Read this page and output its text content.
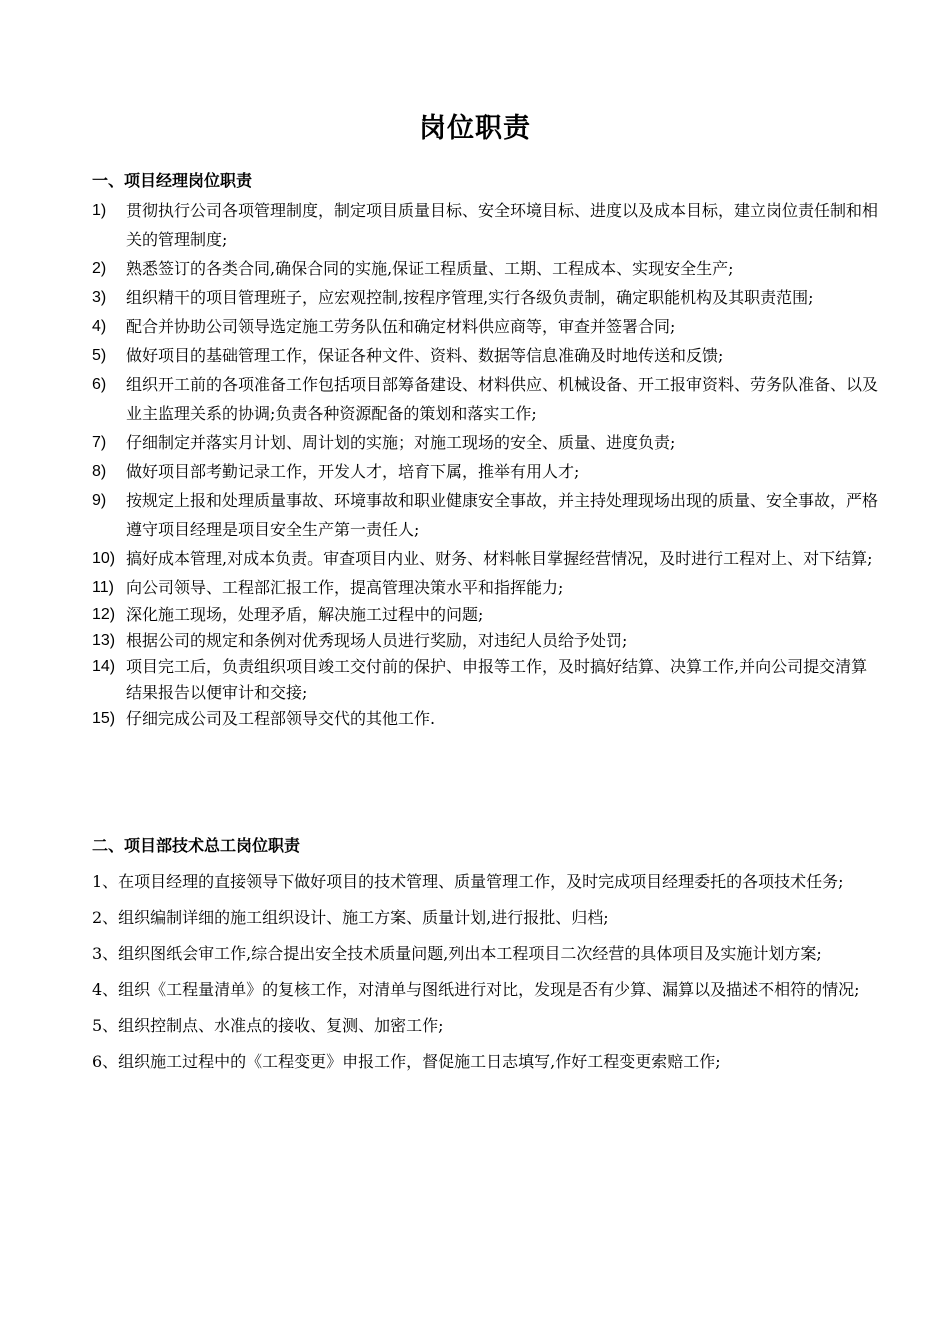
岗位职责
一、项目经理岗位职责
1) 贯彻执行公司各项管理制度，制定项目质量目标、安全环境目标、进度以及成本目标，建立岗位责任制和相关的管理制度;
2) 熟悉签订的各类合同,确保合同的实施,保证工程质量、工期、工程成本、实现安全生产;
3) 组织精干的项目管理班子，应宏观控制,按程序管理,实行各级负责制，确定职能机构及其职责范围;
4) 配合并协助公司领导选定施工劳务队伍和确定材料供应商等，审查并签署合同;
5) 做好项目的基础管理工作，保证各种文件、资料、数据等信息准确及时地传送和反馈;
6) 组织开工前的各项准备工作包括项目部筹备建设、材料供应、机械设备、开工报审资料、劳务队准备、以及业主监理关系的协调;负责各种资源配备的策划和落实工作;
7) 仔细制定并落实月计划、周计划的实施；对施工现场的安全、质量、进度负责;
8) 做好项目部考勤记录工作，开发人才，培育下属，推举有用人才;
9) 按规定上报和处理质量事故、环境事故和职业健康安全事故，并主持处理现场出现的质量、安全事故，严格遵守项目经理是项目安全生产第一责任人;
10) 搞好成本管理,对成本负责。审查项目内业、财务、材料帐目掌握经营情况，及时进行工程对上、对下结算;
11) 向公司领导、工程部汇报工作，提高管理决策水平和指挥能力;
12) 深化施工现场，处理矛盾，解决施工过程中的问题;
13) 根据公司的规定和条例对优秀现场人员进行奖励，对违纪人员给予处罚;
14) 项目完工后，负责组织项目竣工交付前的保护、申报等工作，及时搞好结算、决算工作,并向公司提交清算结果报告以便审计和交接;
15) 仔细完成公司及工程部领导交代的其他工作.
二、项目部技术总工岗位职责
1、在项目经理的直接领导下做好项目的技术管理、质量管理工作，及时完成项目经理委托的各项技术任务;
2、组织编制详细的施工组织设计、施工方案、质量计划,进行报批、归档;
3、组织图纸会审工作,综合提出安全技术质量问题,列出本工程项目二次经营的具体项目及实施计划方案;
4、组织《工程量清单》的复核工作，对清单与图纸进行对比，发现是否有少算、漏算以及描述不相符的情况;
5、组织控制点、水准点的接收、复测、加密工作;
6、组织施工过程中的《工程变更》申报工作，督促施工日志填写,作好工程变更索赔工作;
